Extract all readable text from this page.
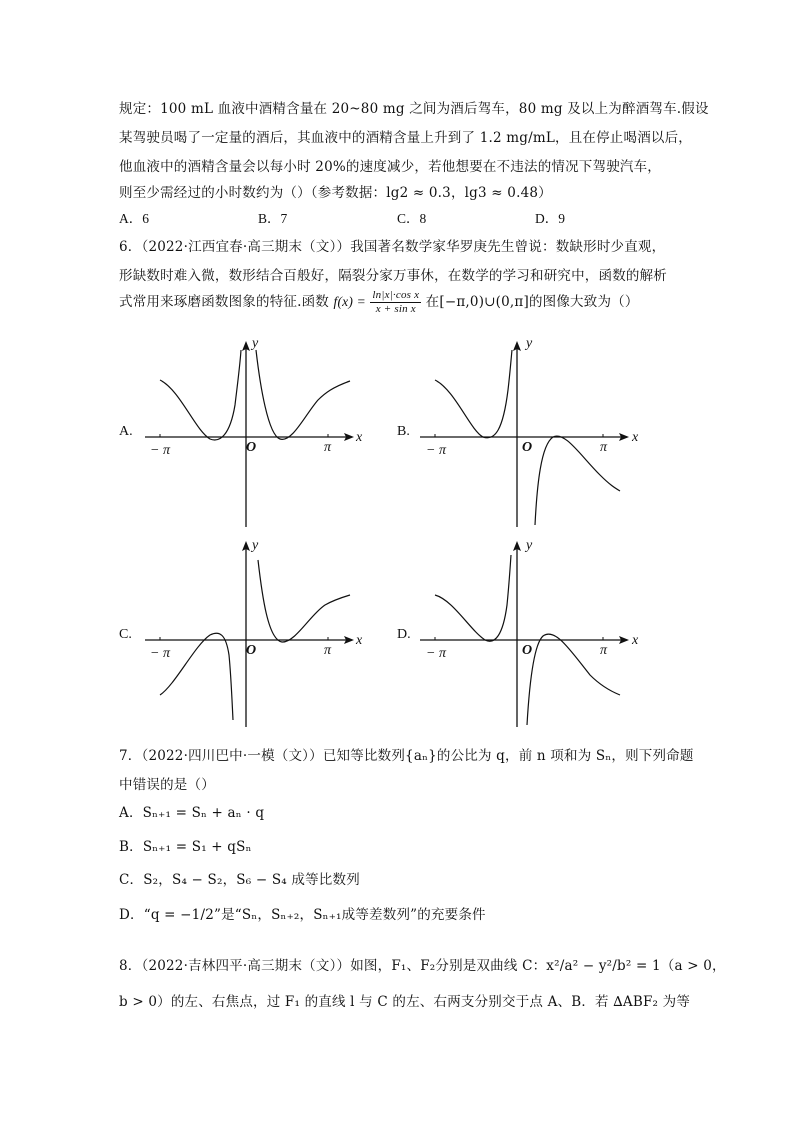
规定：100 mL 血液中酒精含量在 20~80 mg 之间为酒后驾车，80 mg 及以上为醉酒驾车.假设
某驾驶员喝了一定量的酒后，其血液中的酒精含量上升到了 1.2 mg/mL，且在停止喝酒以后，
他血液中的酒精含量会以每小时 20%的速度减少，若他想要在不违法的情况下驾驶汽车，
则至少需经过的小时数约为（）（参考数据：lg2 ≈ 0.3，lg3 ≈ 0.48）
A．6	B．7	C．8	D．9
6．（2022·江西宜春·高三期末（文））我国著名数学家华罗庚先生曾说：数缺形时少直观，
形缺数时难入微，数形结合百般好，隔裂分家万事休，在数学的学习和研究中，函数的解析
式常用来琢磨函数图象的特征.函数 $f(x) = \frac{\text{ln|x|·cos x}}{\text{x + sin x}}$ 在[−π,0)∪(0,π]的图像大致为（）
A.
− π	O	π
x
y
B.
− π	O	π
x
y
C.
− π	O	π
x
y
D.
− π	O	π
x
y
7．（2022·四川巴中·一模（文））已知等比数列{aₙ}的公比为 q，前 n 项和为 Sₙ，则下列命题
中错误的是（）
A．Sₙ₊₁ = Sₙ + aₙ · q
B．Sₙ₊₁ = S₁ + qSₙ
C．S₂，S₄ − S₂，S₆ − S₄ 成等比数列
D．“q = −1/2”是“Sₙ，Sₙ₊₂，Sₙ₊₁成等差数列”的充要条件
8．（2022·吉林四平·高三期末（文））如图，F₁、F₂分别是双曲线 C：x²/a² − y²/b² = 1（a > 0，
b > 0）的左、右焦点，过 F₁ 的直线 l 与 C 的左、右两支分别交于点 A、B．若 ∆ABF₂ 为等
